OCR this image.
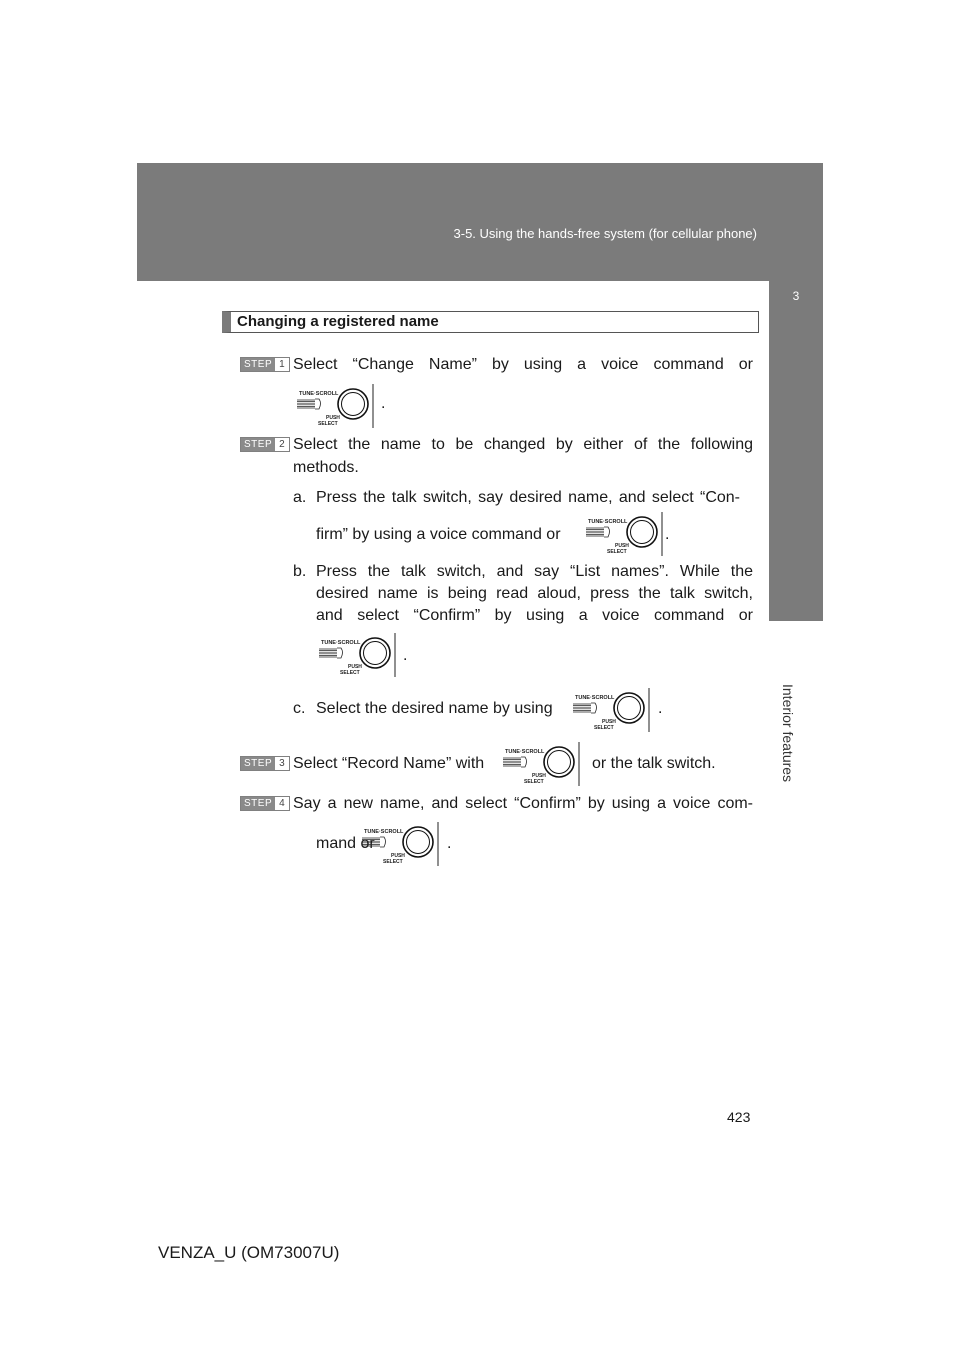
3-5. Using the hands-free system (for cellular phone)
3
Interior features
Changing a registered name
STEP 1 Select “Change Name” by using a voice command or
TUNE·SCROLL
PUSH
SELECT
.
STEP 2 Select the name to be changed by either of the following
methods.
a. Press the talk switch, say desired name, and select “Con-
firm” by using a voice command or
TUNE·SCROLL
PUSH
SELECT
.
b. Press the talk switch, and say “List names”. While the
desired name is being read aloud, press the talk switch,
and select “Confirm” by using a voice command or
TUNE·SCROLL
PUSH
SELECT
.
c. Select the desired name by using
TUNE·SCROLL
PUSH
SELECT
.
STEP 3 Select “Record Name” with
TUNE·SCROLL
PUSH
SELECT
or the talk switch.
STEP 4 Say a new name, and select “Confirm” by using a voice com-
mand or
TUNE·SCROLL
PUSH
SELECT
.
423
VENZA_U (OM73007U)
